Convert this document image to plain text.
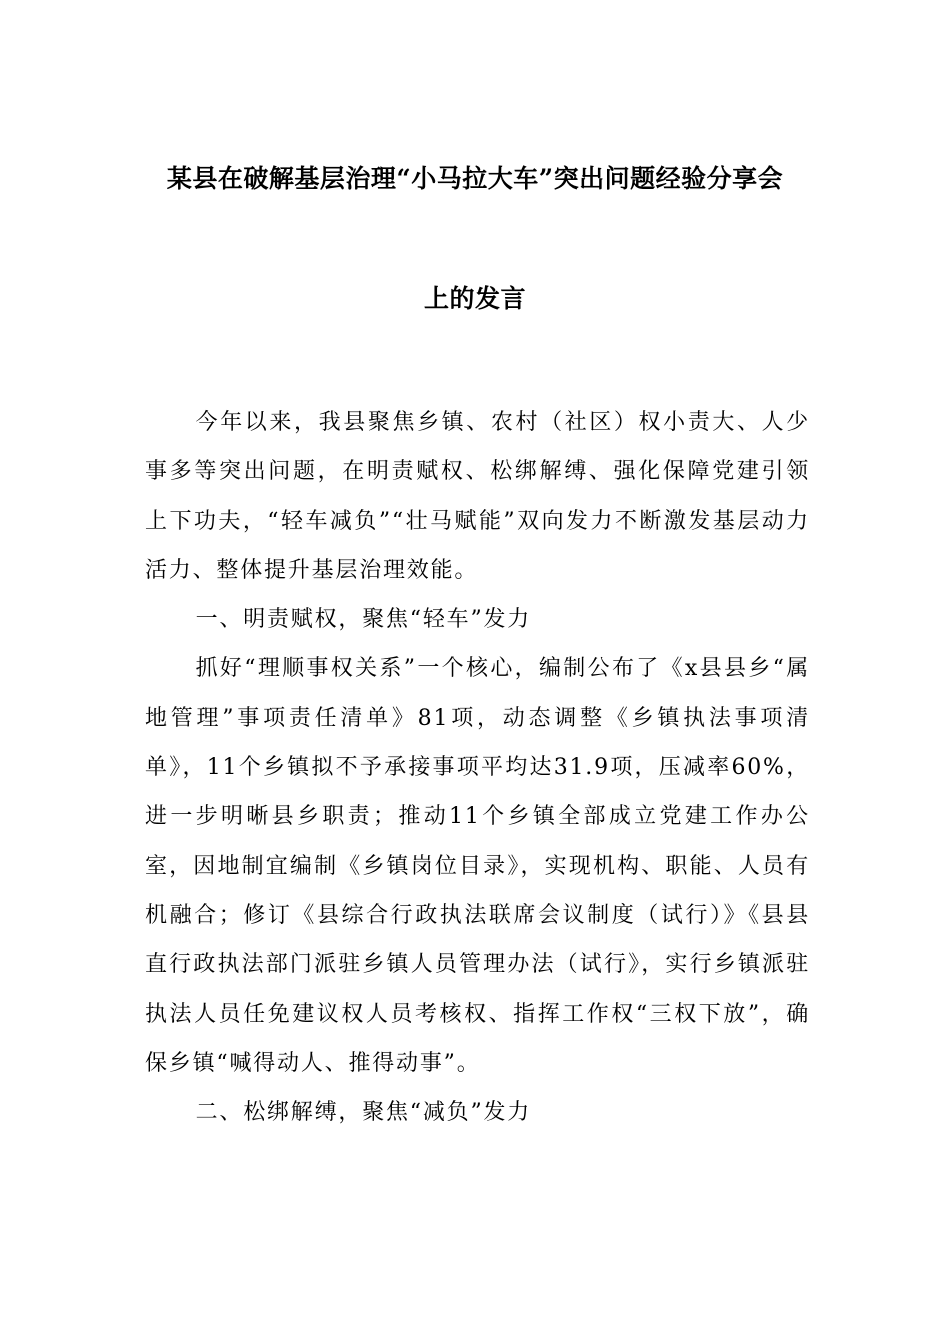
某县在破解基层治理“小马拉大车”突出问题经验分享会
上的发言

今年以来，我县聚焦乡镇、农村（社区）权小责大、人少事多等突出问题，在明责赋权、松绑解缚、强化保障党建引领上下功夫，“轻车减负”“壮马赋能”双向发力不断激发基层动力活力、整体提升基层治理效能。

一、明责赋权，聚焦“轻车”发力

抓好“理顺事权关系”一个核心，编制公布了《x县县乡“属地管理”事项责任清单》81项，动态调整《乡镇执法事项清单》，11个乡镇拟不予承接事项平均达31.9项，压减率60%，进一步明晰县乡职责；推动11个乡镇全部成立党建工作办公室，因地制宜编制《乡镇岗位目录》，实现机构、职能、人员有机融合；修订《县综合行政执法联席会议制度（试行）》《县县直行政执法部门派驻乡镇人员管理办法（试行》，实行乡镇派驻执法人员任免建议权人员考核权、指挥工作权“三权下放”，确保乡镇“喊得动人、推得动事”。

二、松绑解缚，聚焦“减负”发力
